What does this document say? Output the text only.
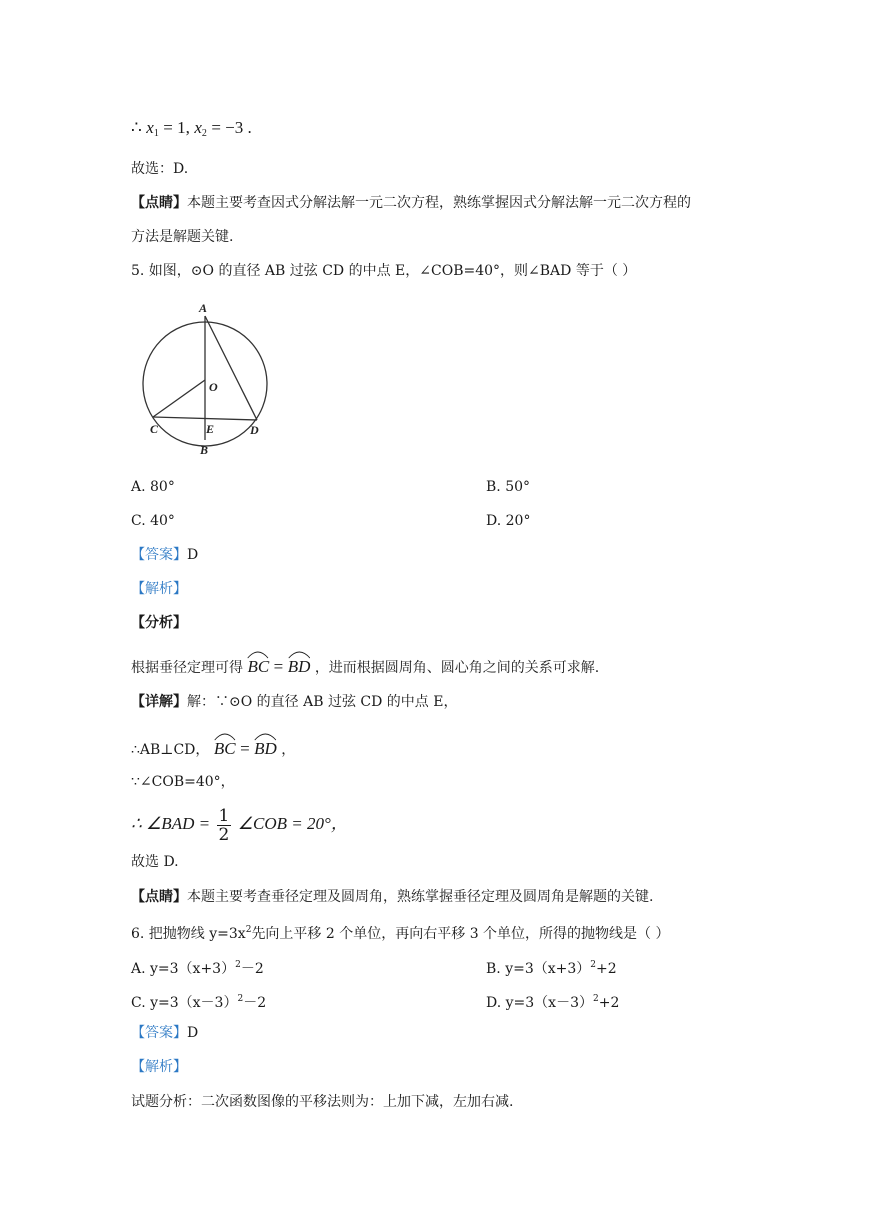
∴ $x_1 = 1$, $x_2 = -3$ .
故选：D.
【点睛】本题主要考查因式分解法解一元二次方程，熟练掌握因式分解法解一元二次方程的
方法是解题关键.
5. 如图，⊙O 的直径 AB 过弦 CD 的中点 E，∠COB=40°，则∠BAD 等于（ ）
A
O
C	E	D
B
A. 80°	B. 50°
C. 40°	D. 20°
【答案】D
【解析】
【分析】
根据垂径定理可得 BC = BD ，进而根据圆周角、圆心角之间的关系可求解.
【详解】解：∵⊙O 的直径 AB 过弦 CD 的中点 E，
∴AB⊥CD， BC = BD ，
∵∠COB=40°，
∴ ∠BAD = $\frac{1}{2}$ ∠COB = 20°，
故选 D.
【点睛】本题主要考查垂径定理及圆周角，熟练掌握垂径定理及圆周角是解题的关键.
6. 把抛物线 $y=3x^2$先向上平移 2 个单位，再向右平移 3 个单位，所得的抛物线是（ ）
A. $y=3(x+3)^2-2$	B. $y=3(x+3)^2+2$
C. $y=3(x-3)^2-2$	D. $y=3(x-3)^2+2$
【答案】D
【解析】
试题分析：二次函数图像的平移法则为：上加下减，左加右减.
